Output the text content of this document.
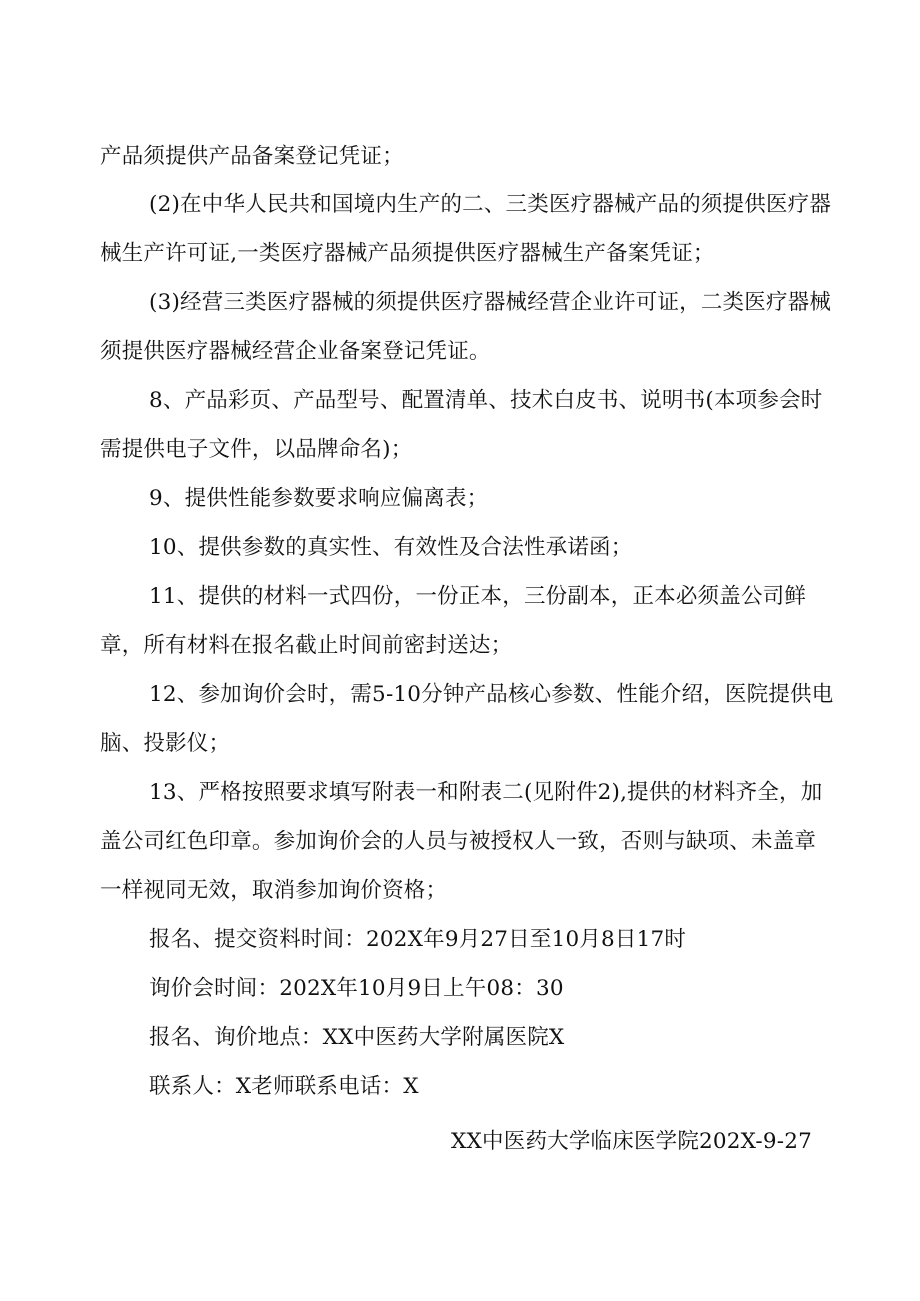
产品须提供产品备案登记凭证；
(2)在中华人民共和国境内生产的二、三类医疗器械产品的须提供医疗器
械生产许可证,一类医疗器械产品须提供医疗器械生产备案凭证；
(3)经营三类医疗器械的须提供医疗器械经营企业许可证，二类医疗器械
须提供医疗器械经营企业备案登记凭证。
8、产品彩页、产品型号、配置清单、技术白皮书、说明书(本项参会时
需提供电子文件，以品牌命名)；
9、提供性能参数要求响应偏离表；
10、提供参数的真实性、有效性及合法性承诺函；
11、提供的材料一式四份，一份正本，三份副本，正本必须盖公司鲜
章，所有材料在报名截止时间前密封送达；
12、参加询价会时，需5-10分钟产品核心参数、性能介绍，医院提供电
脑、投影仪；
13、严格按照要求填写附表一和附表二(见附件2),提供的材料齐全，加
盖公司红色印章。参加询价会的人员与被授权人一致，否则与缺项、未盖章
一样视同无效，取消参加询价资格；
报名、提交资料时间：202X年9月27日至10月8日17时
询价会时间：202X年10月9日上午08：30
报名、询价地点：XX中医药大学附属医院X
联系人：X老师联系电话：X
XX中医药大学临床医学院202X-9-27
